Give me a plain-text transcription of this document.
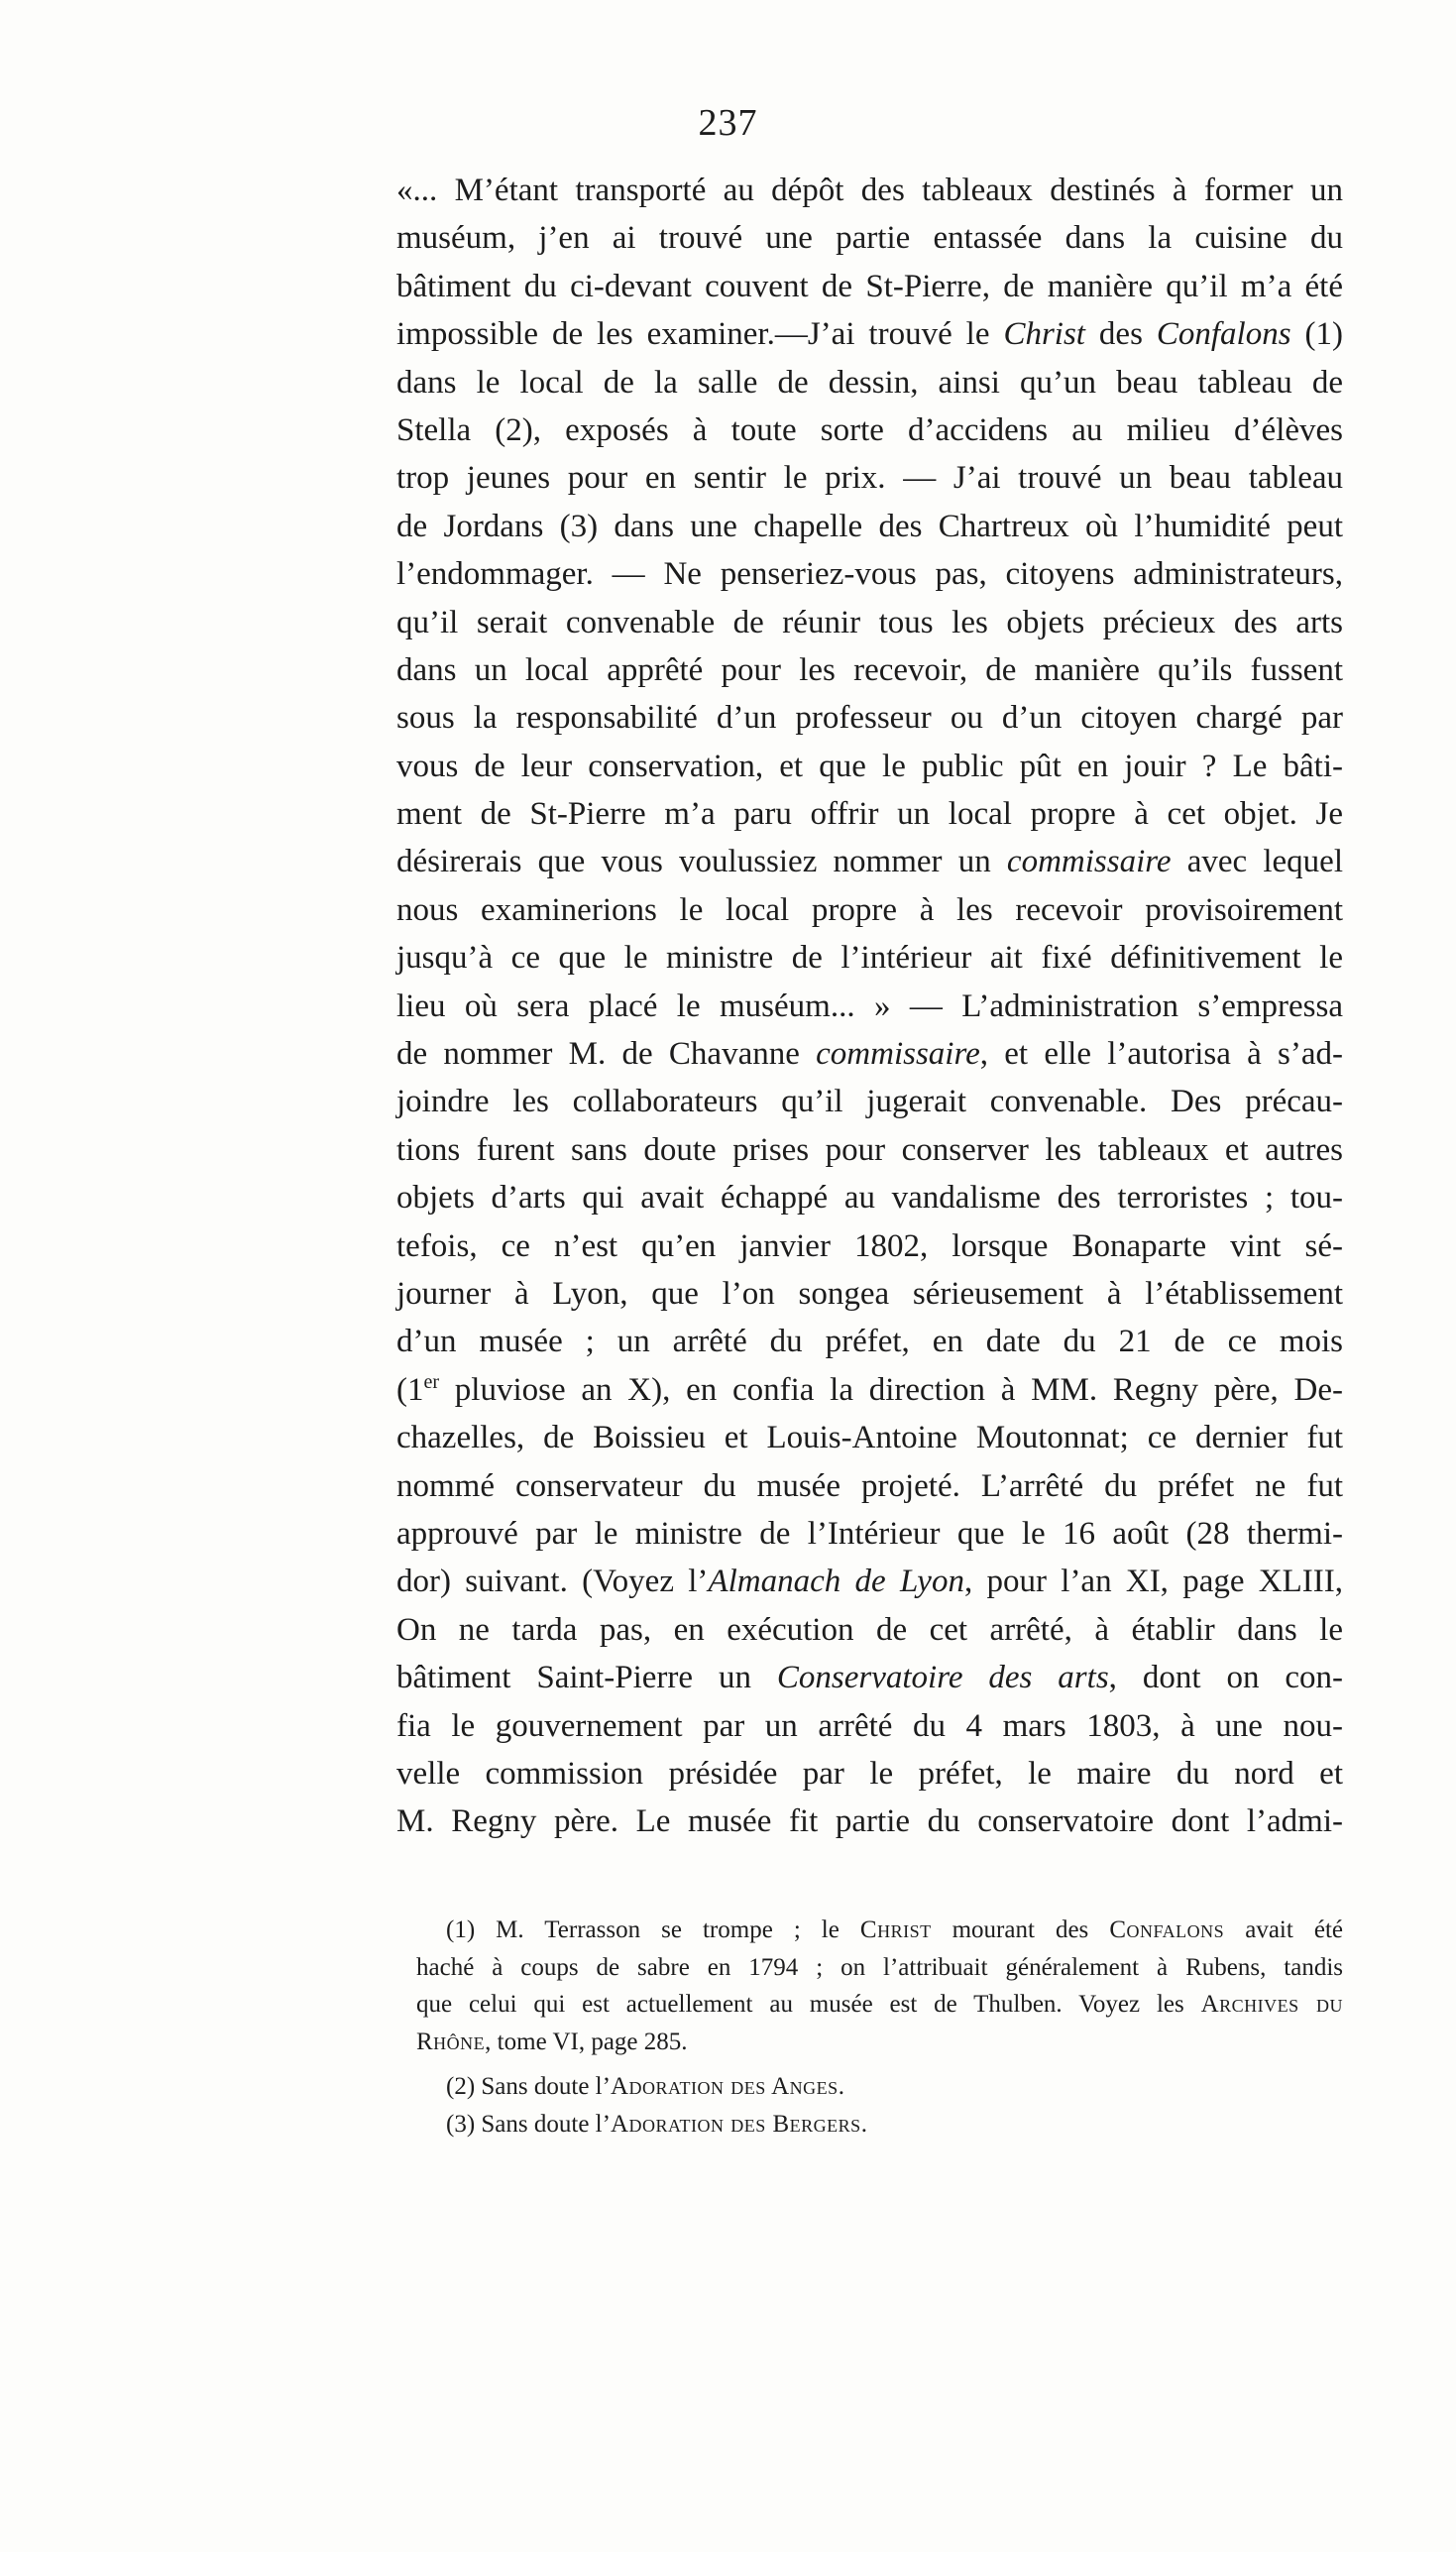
237
«... M’étant transporté au dépôt des tableaux destinés à former un
muséum, j’en ai trouvé une partie entassée dans la cuisine du
bâtiment du ci-devant couvent de St-Pierre, de manière qu’il m’a été
impossible de les examiner.—J’ai trouvé le Christ des Confalons (1)
dans le local de la salle de dessin, ainsi qu’un beau tableau de
Stella (2), exposés à toute sorte d’accidens au milieu d’élèves
trop jeunes pour en sentir le prix. — J’ai trouvé un beau tableau
de Jordans (3) dans une chapelle des Chartreux où l’humidité peut
l’endommager. — Ne penseriez-vous pas, citoyens administrateurs,
qu’il serait convenable de réunir tous les objets précieux des arts
dans un local apprêté pour les recevoir, de manière qu’ils fussent
sous la responsabilité d’un professeur ou d’un citoyen chargé par
vous de leur conservation, et que le public pût en jouir ? Le bâti-
ment de St-Pierre m’a paru offrir un local propre à cet objet. Je
désirerais que vous voulussiez nommer un commissaire avec lequel
nous examinerions le local propre à les recevoir provisoirement
jusqu’à ce que le ministre de l’intérieur ait fixé définitivement le
lieu où sera placé le muséum... » — L’administration s’empressa
de nommer M. de Chavanne commissaire, et elle l’autorisa à s’ad-
joindre les collaborateurs qu’il jugerait convenable. Des précau-
tions furent sans doute prises pour conserver les tableaux et autres
objets d’arts qui avait échappé au vandalisme des terroristes ; tou-
tefois, ce n’est qu’en janvier 1802, lorsque Bonaparte vint sé-
journer à Lyon, que l’on songea sérieusement à l’établissement
d’un musée ; un arrêté du préfet, en date du 21 de ce mois
(1er pluviose an X), en confia la direction à MM. Regny père, De-
chazelles, de Boissieu et Louis-Antoine Moutonnat; ce dernier fut
nommé conservateur du musée projeté. L’arrêté du préfet ne fut
approuvé par le ministre de l’Intérieur que le 16 août (28 thermi-
dor) suivant. (Voyez l’Almanach de Lyon, pour l’an XI, page XLIII,
On ne tarda pas, en exécution de cet arrêté, à établir dans le
bâtiment Saint-Pierre un Conservatoire des arts, dont on con-
fia le gouvernement par un arrêté du 4 mars 1803, à une nou-
velle commission présidée par le préfet, le maire du nord et
M. Regny père. Le musée fit partie du conservatoire dont l’admi-
(1) M. Terrasson se trompe ; le Christ mourant des Confalons avait été
haché à coups de sabre en 1794 ; on l’attribuait généralement à Rubens, tandis
que celui qui est actuellement au musée est de Thulben. Voyez les Archives du
Rhône, tome VI, page 285.
(2) Sans doute l’Adoration des Anges.
(3) Sans doute l’Adoration des Bergers.
